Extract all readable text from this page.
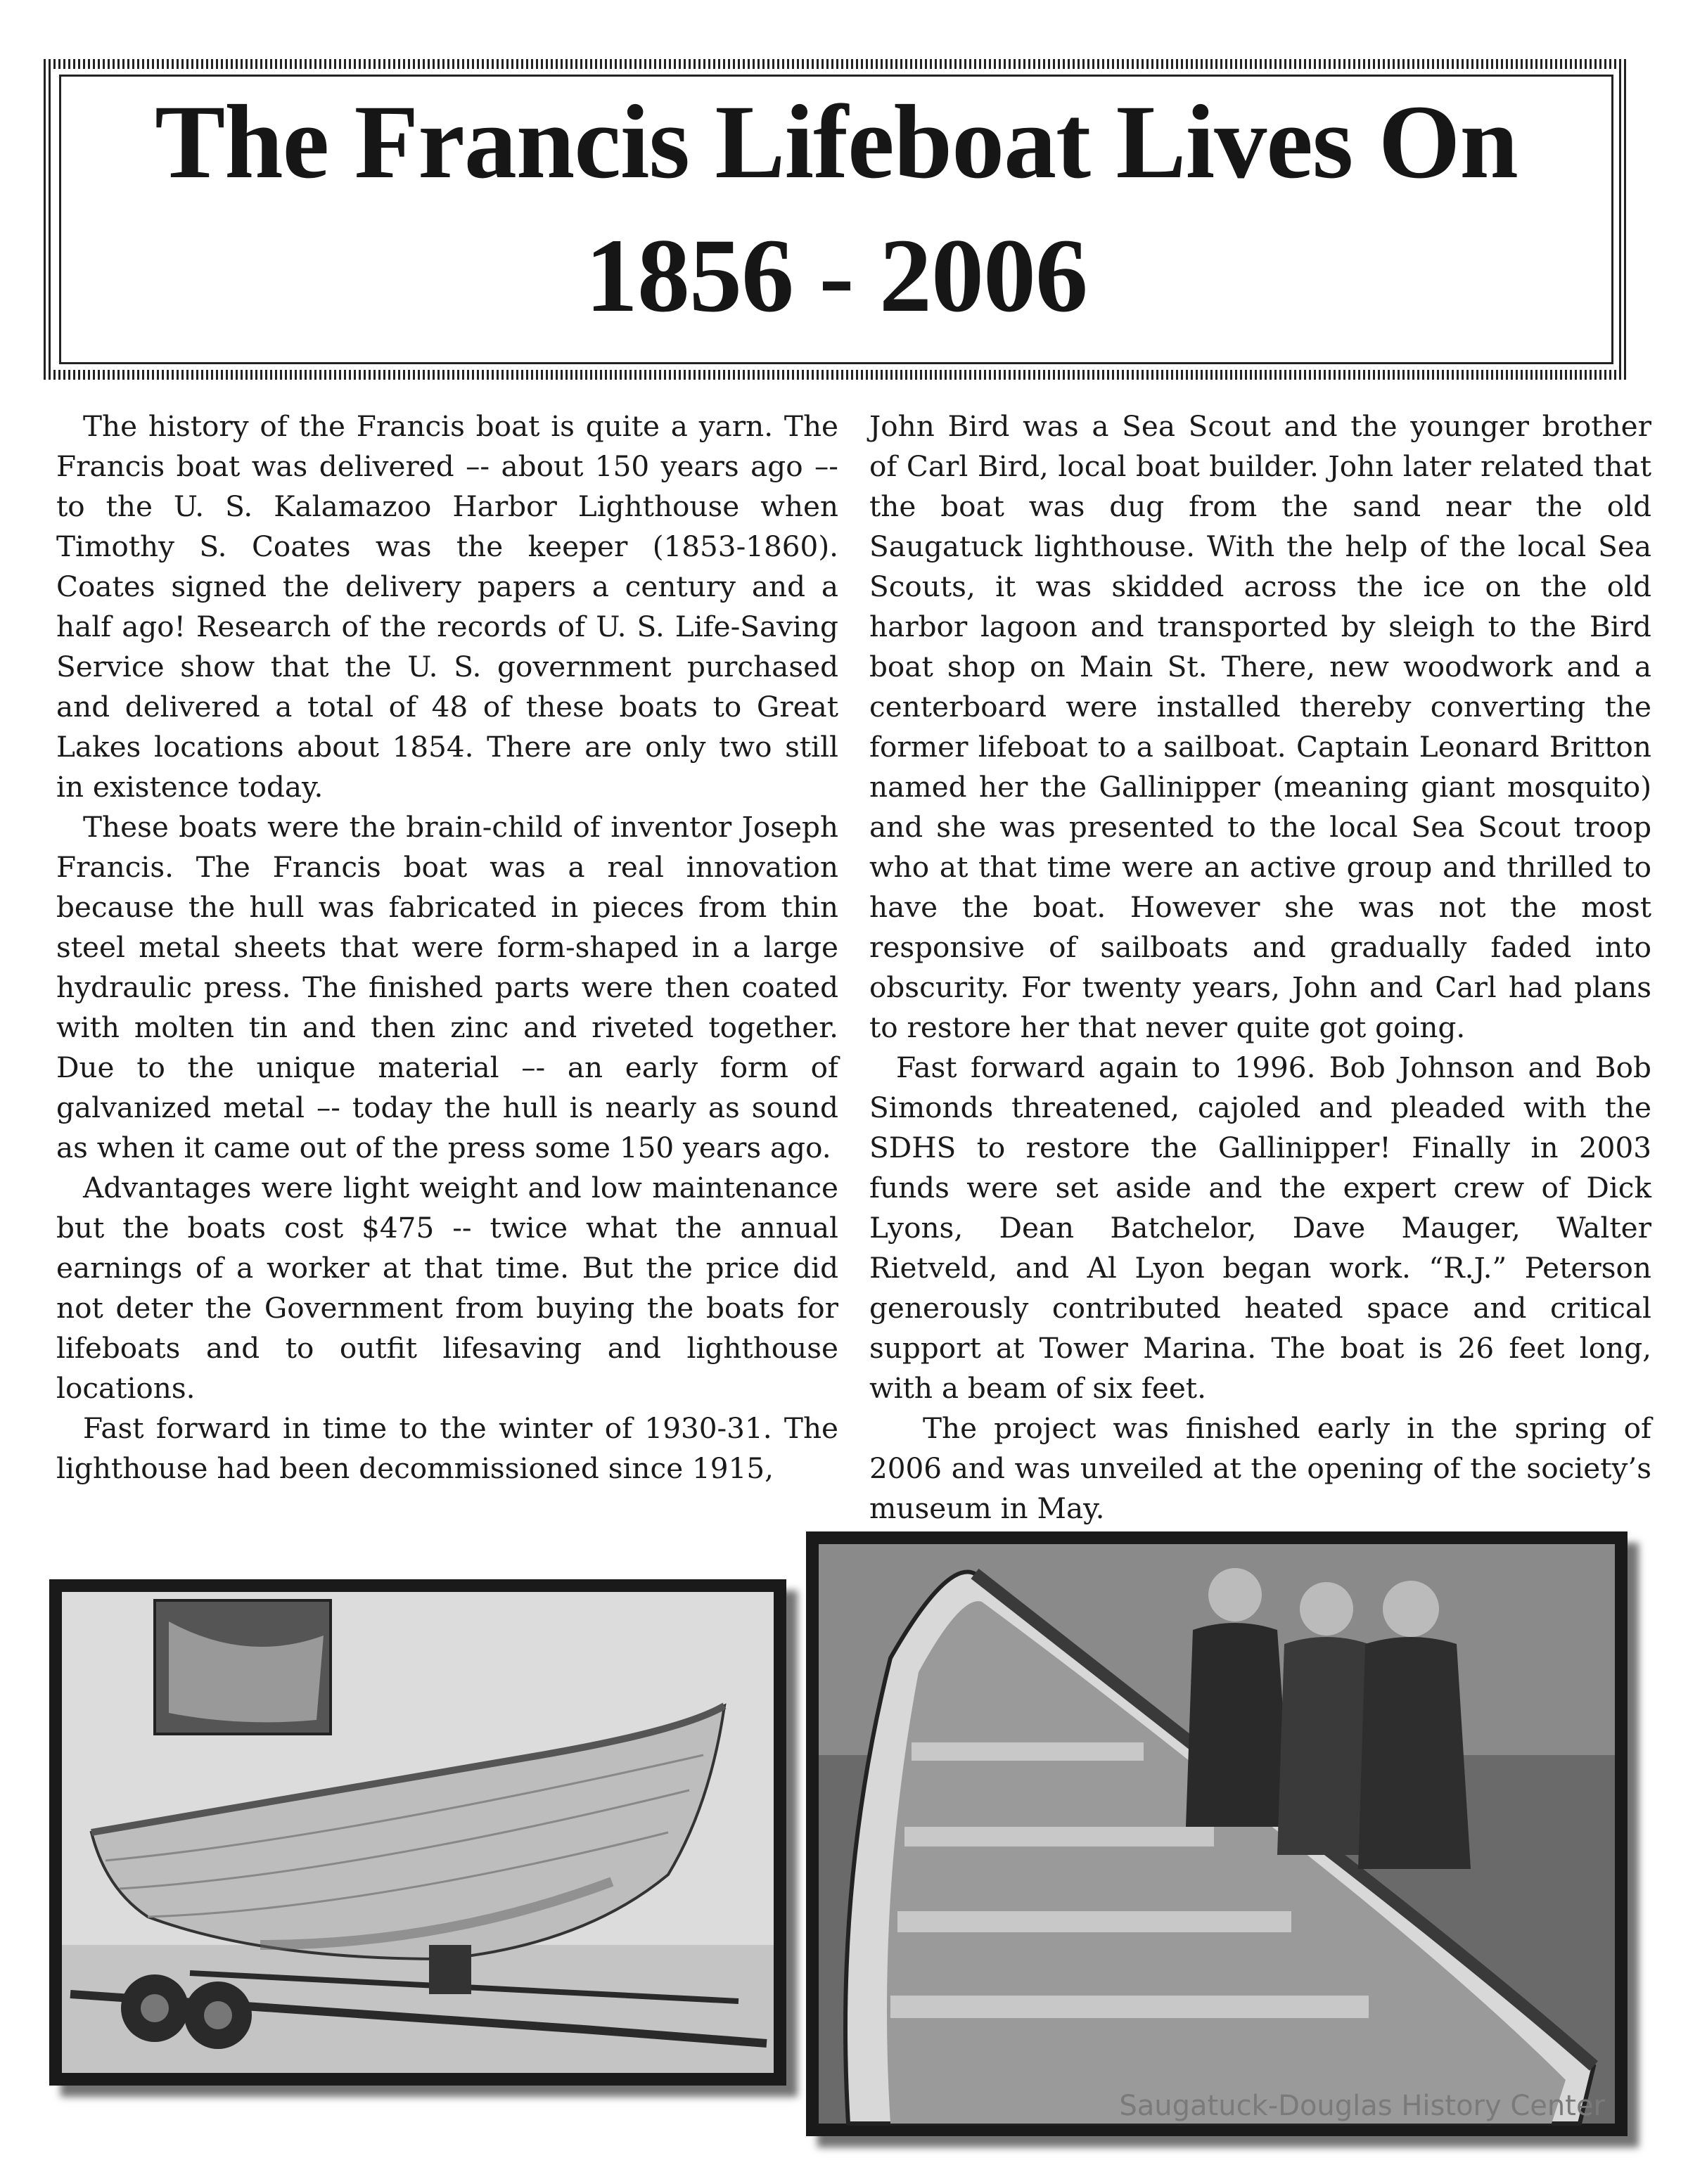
The Francis Lifeboat Lives On
1856 - 2006

The history of the Francis boat is quite a yarn. The Francis boat was delivered –- about 150 years ago –- to the U. S. Kalamazoo Harbor Lighthouse when Timothy S. Coates was the keeper (1853-1860). Coates signed the delivery papers a century and a half ago! Research of the records of U. S. Life-Saving Service show that the U. S. government purchased and delivered a total of 48 of these boats to Great Lakes locations about 1854. There are only two still in existence today.

These boats were the brain-child of inventor Joseph Francis. The Francis boat was a real innovation because the hull was fabricated in pieces from thin steel metal sheets that were form-shaped in a large hydraulic press. The finished parts were then coated with molten tin and then zinc and riveted together. Due to the unique material –- an early form of galvanized metal –- today the hull is nearly as sound as when it came out of the press some 150 years ago.

Advantages were light weight and low maintenance but the boats cost $475 -- twice what the annual earnings of a worker at that time. But the price did not deter the Government from buying the boats for lifeboats and to outfit lifesaving and lighthouse locations.

Fast forward in time to the winter of 1930-31. The lighthouse had been decommissioned since 1915,

John Bird was a Sea Scout and the younger brother of Carl Bird, local boat builder. John later related that the boat was dug from the sand near the old Saugatuck lighthouse. With the help of the local Sea Scouts, it was skidded across the ice on the old harbor lagoon and transported by sleigh to the Bird boat shop on Main St. There, new woodwork and a centerboard were installed thereby converting the former lifeboat to a sailboat. Captain Leonard Britton named her the Gallinipper (meaning giant mosquito) and she was presented to the local Sea Scout troop who at that time were an active group and thrilled to have the boat. However she was not the most responsive of sailboats and gradually faded into obscurity. For twenty years, John and Carl had plans to restore her that never quite got going.

Fast forward again to 1996. Bob Johnson and Bob Simonds threatened, cajoled and pleaded with the SDHS to restore the Gallinipper! Finally in 2003 funds were set aside and the expert crew of Dick Lyons, Dean Batchelor, Dave Mauger, Walter Rietveld, and Al Lyon began work. “R.J.” Peterson generously contributed heated space and critical support at Tower Marina. The boat is 26 feet long, with a beam of six feet.

The project was finished early in the spring of 2006 and was unveiled at the opening of the society’s museum in May.

Saugatuck-Douglas History Center
